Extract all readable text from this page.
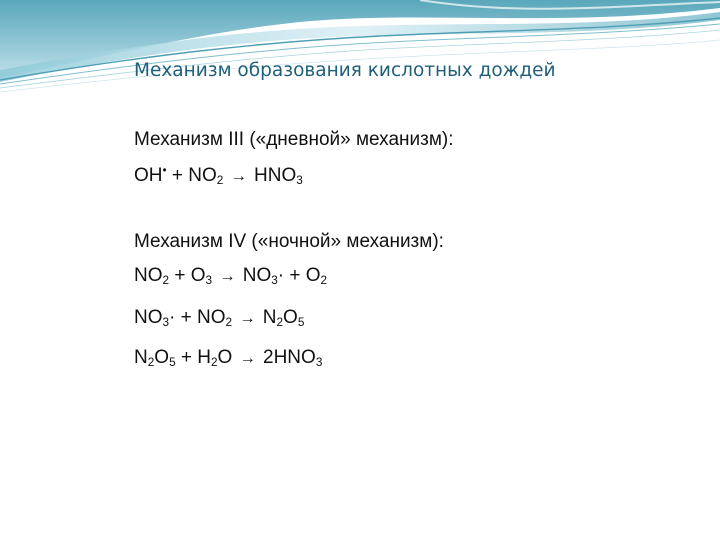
Механизм образования кислотных дождей
Механизм III («дневной» механизм):
$OH^• + NO_2 \to HNO_3$
Механизм IV («ночной» механизм):
$NO_2 + O_3 \to NO_3\cdot + O_2$
$NO_3\cdot + NO_2 \to N_2O_5$
$N_2O_5 + H_2O \to 2HNO_3$
